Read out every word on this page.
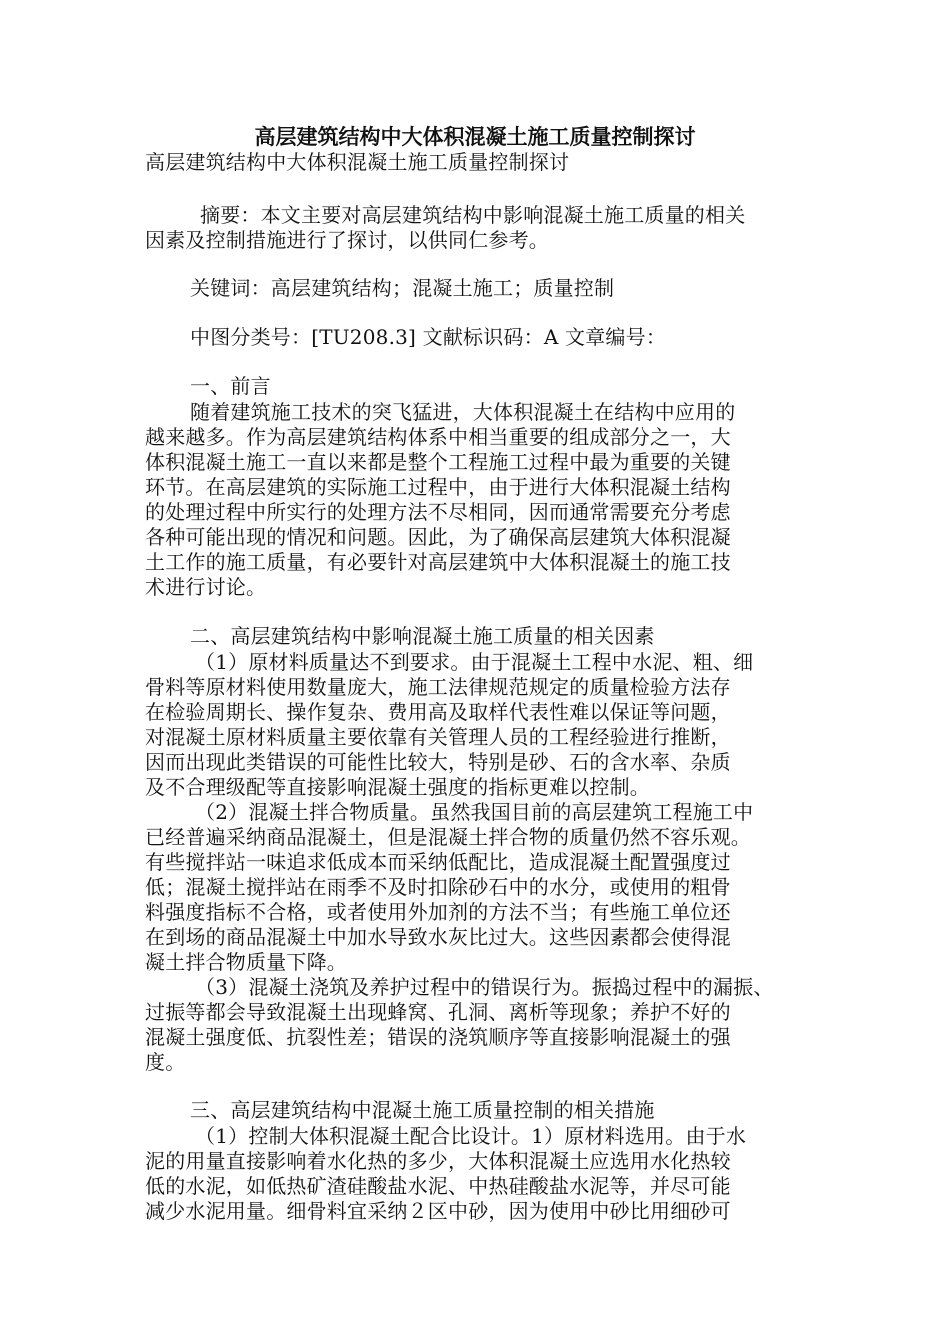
高层建筑结构中大体积混凝土施工质量控制探讨
高层建筑结构中大体积混凝土施工质量控制探讨
摘要：本文主要对高层建筑结构中影响混凝土施工质量的相关
因素及控制措施进行了探讨，以供同仁参考。
关键词：高层建筑结构；混凝土施工；质量控制
中图分类号：[TU208.3] 文献标识码：A 文章编号：
一、前言
随着建筑施工技术的突飞猛进，大体积混凝土在结构中应用的
越来越多。作为高层建筑结构体系中相当重要的组成部分之一，大
体积混凝土施工一直以来都是整个工程施工过程中最为重要的关键
环节。在高层建筑的实际施工过程中，由于进行大体积混凝土结构
的处理过程中所实行的处理方法不尽相同，因而通常需要充分考虑
各种可能出现的情况和问题。因此，为了确保高层建筑大体积混凝
土工作的施工质量，有必要针对高层建筑中大体积混凝土的施工技
术进行讨论。
二、高层建筑结构中影响混凝土施工质量的相关因素
（1）原材料质量达不到要求。由于混凝土工程中水泥、粗、细
骨料等原材料使用数量庞大，施工法律规范规定的质量检验方法存
在检验周期长、操作复杂、费用高及取样代表性难以保证等问题，
对混凝土原材料质量主要依靠有关管理人员的工程经验进行推断，
因而出现此类错误的可能性比较大，特别是砂、石的含水率、杂质
及不合理级配等直接影响混凝土强度的指标更难以控制。
（2）混凝土拌合物质量。虽然我国目前的高层建筑工程施工中
已经普遍采纳商品混凝土，但是混凝土拌合物的质量仍然不容乐观。
有些搅拌站一味追求低成本而采纳低配比，造成混凝土配置强度过
低；混凝土搅拌站在雨季不及时扣除砂石中的水分，或使用的粗骨
料强度指标不合格，或者使用外加剂的方法不当；有些施工单位还
在到场的商品混凝土中加水导致水灰比过大。这些因素都会使得混
凝土拌合物质量下降。
（3）混凝土浇筑及养护过程中的错误行为。振捣过程中的漏振、
过振等都会导致混凝土出现蜂窝、孔洞、离析等现象；养护不好的
混凝土强度低、抗裂性差；错误的浇筑顺序等直接影响混凝土的强
度。
三、高层建筑结构中混凝土施工质量控制的相关措施
（1）控制大体积混凝土配合比设计。1）原材料选用。由于水
泥的用量直接影响着水化热的多少，大体积混凝土应选用水化热较
低的水泥，如低热矿渣硅酸盐水泥、中热硅酸盐水泥等，并尽可能
减少水泥用量。细骨料宜采纳２区中砂，因为使用中砂比用细砂可
